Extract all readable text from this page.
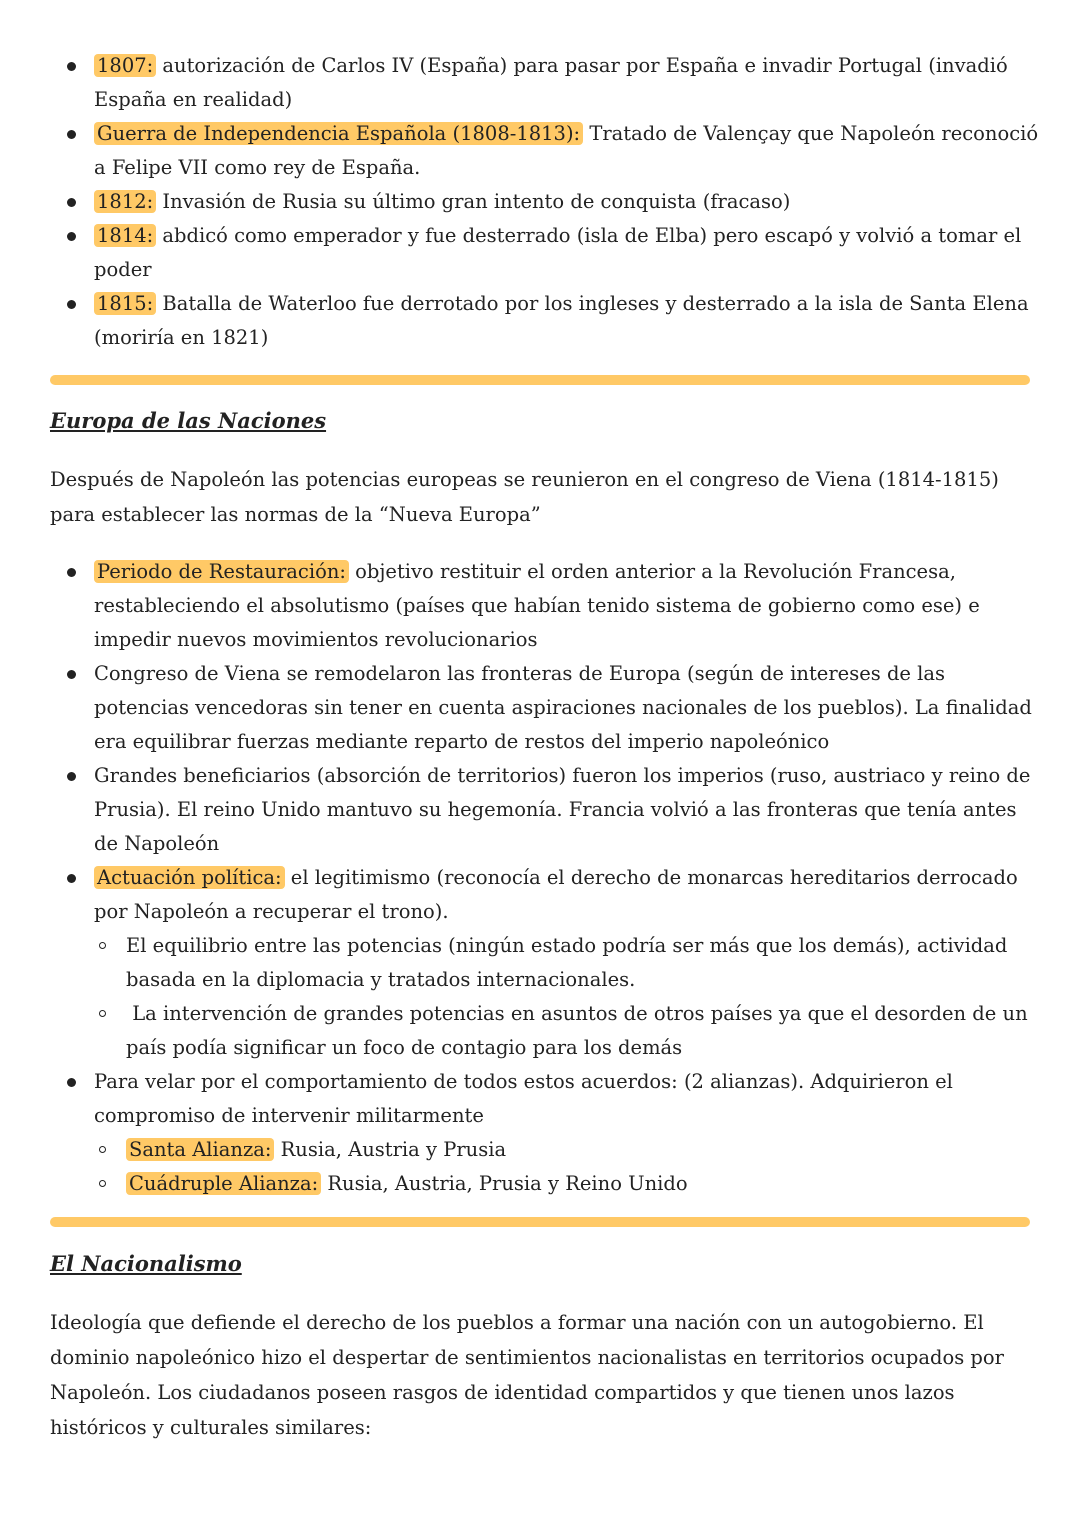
1807: autorización de Carlos IV (España) para pasar por España e invadir Portugal (invadió España en realidad)
Guerra de Independencia Española (1808-1813): Tratado de Valençay que Napoleón reconoció a Felipe VII como rey de España.
1812: Invasión de Rusia su último gran intento de conquista (fracaso)
1814: abdicó como emperador y fue desterrado (isla de Elba) pero escapó y volvió a tomar el poder
1815: Batalla de Waterloo fue derrotado por los ingleses y desterrado a la isla de Santa Elena (moriría en 1821)
Europa de las Naciones

Después de Napoleón las potencias europeas se reunieron en el congreso de Viena (1814-1815) para establecer las normas de la “Nueva Europa”

Periodo de Restauración: objetivo restituir el orden anterior a la Revolución Francesa, restableciendo el absolutismo (países que habían tenido sistema de gobierno como ese) e impedir nuevos movimientos revolucionarios
Congreso de Viena se remodelaron las fronteras de Europa (según de intereses de las potencias vencedoras sin tener en cuenta aspiraciones nacionales de los pueblos). La finalidad era equilibrar fuerzas mediante reparto de restos del imperio napoleónico
Grandes beneficiarios (absorción de territorios) fueron los imperios (ruso, austriaco y reino de Prusia). El reino Unido mantuvo su hegemonía. Francia volvió a las fronteras que tenía antes de Napoleón
Actuación política: el legitimismo (reconocía el derecho de monarcas hereditarios derrocado por Napoleón a recuperar el trono).
El equilibrio entre las potencias (ningún estado podría ser más que los demás), actividad basada en la diplomacia y tratados internacionales.
La intervención de grandes potencias en asuntos de otros países ya que el desorden de un país podía significar un foco de contagio para los demás
Para velar por el comportamiento de todos estos acuerdos: (2 alianzas). Adquirieron el compromiso de intervenir militarmente
Santa Alianza: Rusia, Austria y Prusia
Cuádruple Alianza: Rusia, Austria, Prusia y Reino Unido
El Nacionalismo

Ideología que defiende el derecho de los pueblos a formar una nación con un autogobierno. El dominio napoleónico hizo el despertar de sentimientos nacionalistas en territorios ocupados por Napoleón. Los ciudadanos poseen rasgos de identidad compartidos y que tienen unos lazos históricos y culturales similares:
